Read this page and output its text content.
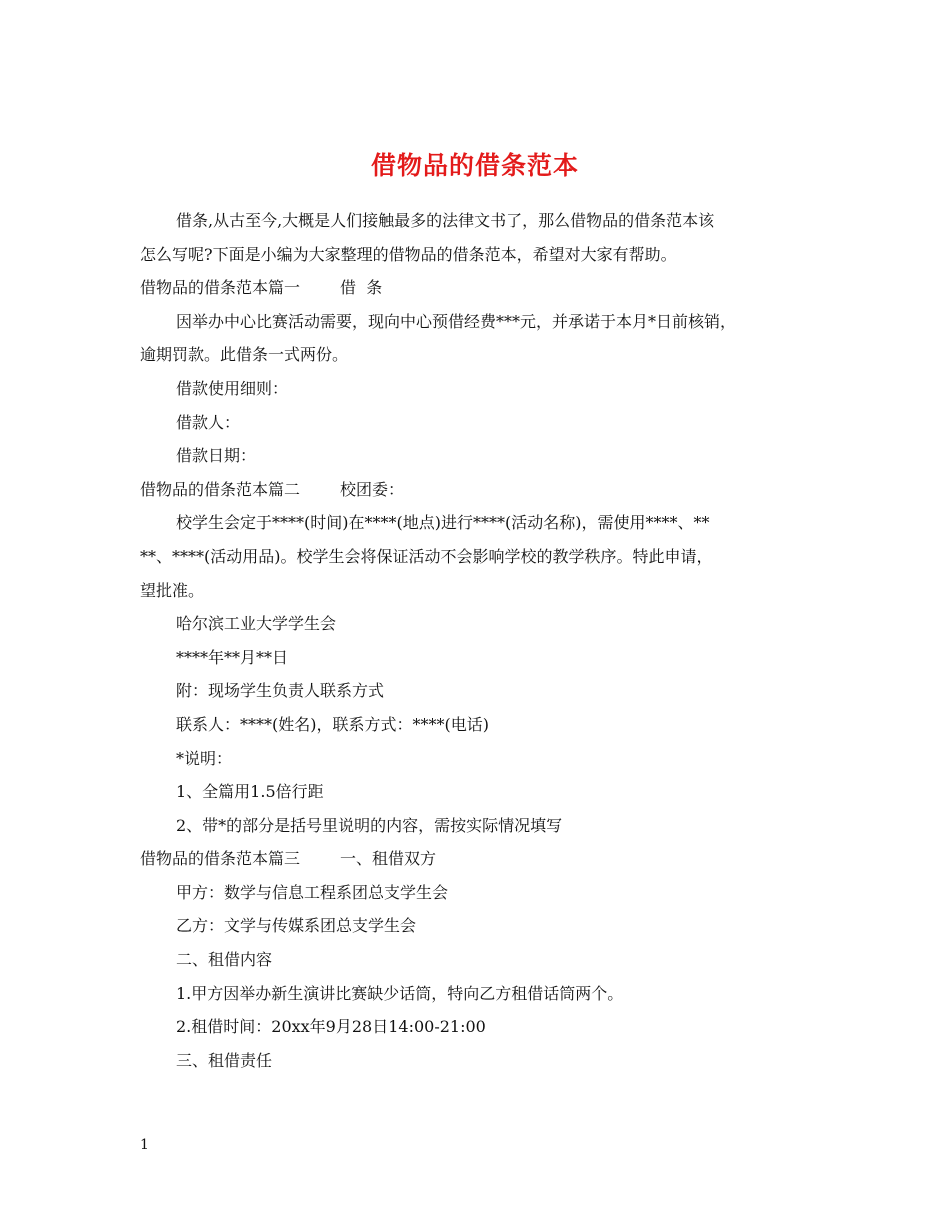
借物品的借条范本

借条,从古至今,大概是人们接触最多的法律文书了，那么借物品的借条范本该

怎么写呢?下面是小编为大家整理的借物品的借条范本，希望对大家有帮助。

借物品的借条范本篇一	借  条

因举办中心比赛活动需要，现向中心预借经费***元，并承诺于本月*日前核销，

逾期罚款。此借条一式两份。

借款使用细则：

借款人：

借款日期：

借物品的借条范本篇二	校团委：

校学生会定于****(时间)在****(地点)进行****(活动名称)，需使用****、**

**、****(活动用品)。校学生会将保证活动不会影响学校的教学秩序。特此申请，

望批准。

哈尔滨工业大学学生会

****年**月**日

附：现场学生负责人联系方式

联系人：****(姓名)，联系方式：****(电话)

*说明：

1、全篇用1.5倍行距

2、带*的部分是括号里说明的内容，需按实际情况填写

借物品的借条范本篇三	一、租借双方

甲方：数学与信息工程系团总支学生会

乙方：文学与传媒系团总支学生会

二、租借内容

1.甲方因举办新生演讲比赛缺少话筒，特向乙方租借话筒两个。

2.租借时间：20xx年9月28日14:00-21:00

三、租借责任

1
